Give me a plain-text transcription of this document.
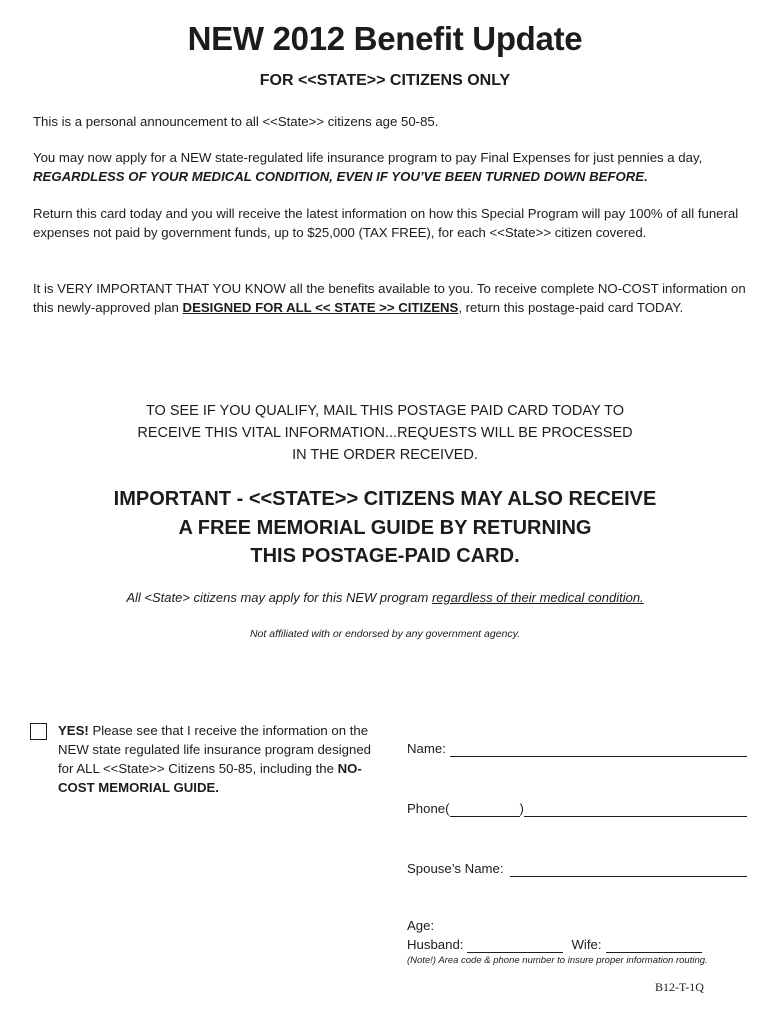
NEW 2012 Benefit Update
FOR <<STATE>> CITIZENS ONLY

This is a personal announcement to all <<State>> citizens age 50-85.

You may now apply for a NEW state-regulated life insurance program to pay Final Expenses for just pennies a day, REGARDLESS OF YOUR MEDICAL CONDITION, EVEN IF YOU’VE BEEN TURNED DOWN BEFORE.

Return this card today and you will receive the latest information on how this Special Program will pay 100% of all funeral expenses not paid by government funds, up to $25,000 (TAX FREE), for each <<State>> citizen covered.

It is VERY IMPORTANT THAT YOU KNOW all the benefits available to you. To receive complete NO-COST information on this newly-approved plan DESIGNED FOR ALL << STATE >> CITIZENS, return this postage-paid card TODAY.

TO SEE IF YOU QUALIFY, MAIL THIS POSTAGE PAID CARD TODAY TO
RECEIVE THIS VITAL INFORMATION...REQUESTS WILL BE PROCESSED
IN THE ORDER RECEIVED.
IMPORTANT - <<STATE>> CITIZENS MAY ALSO RECEIVE
A FREE MEMORIAL GUIDE BY RETURNING
THIS POSTAGE-PAID CARD.
All <State> citizens may apply for this NEW program regardless of their medical condition.
Not affiliated with or endorsed by any government agency.

YES! Please see that I receive the information on the NEW state regulated life insurance program designed for ALL <<State>> Citizens 50-85, including the NO-COST MEMORIAL GUIDE.

Name:
Phone(	)
Spouse’s Name:
Age:
Husband:	Wife:
(Note!) Area code & phone number to insure proper information routing.
B12-T-1Q
